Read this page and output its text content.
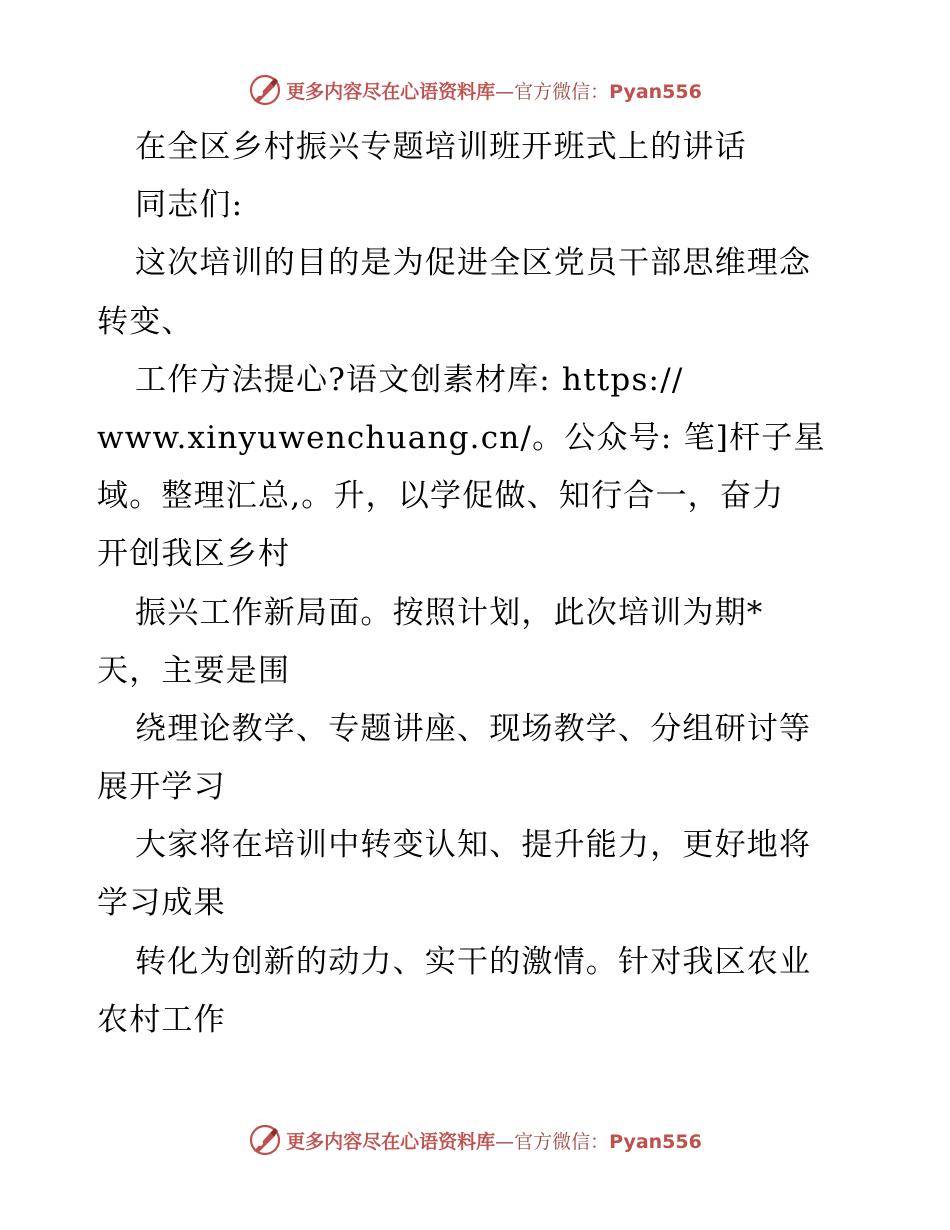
更多内容尽在心语资料库—官方微信：Pyan556
在全区乡村振兴专题培训班开班式上的讲话
同志们:
这次培训的目的是为促进全区党员干部思维理念
转变、
工作方法提心?语文创素材库: https://
www.xinyuwenchuang.cn/。公众号: 笔]杆子星
域。整理汇总,。升，以学促做、知行合一，奋力
开创我区乡村
振兴工作新局面。按照计划，此次培训为期*
天，主要是围
绕理论教学、专题讲座、现场教学、分组研讨等
展开学习
大家将在培训中转变认知、提升能力，更好地将
学习成果
转化为创新的动力、实干的激情。针对我区农业
农村工作
更多内容尽在心语资料库—官方微信：Pyan556
